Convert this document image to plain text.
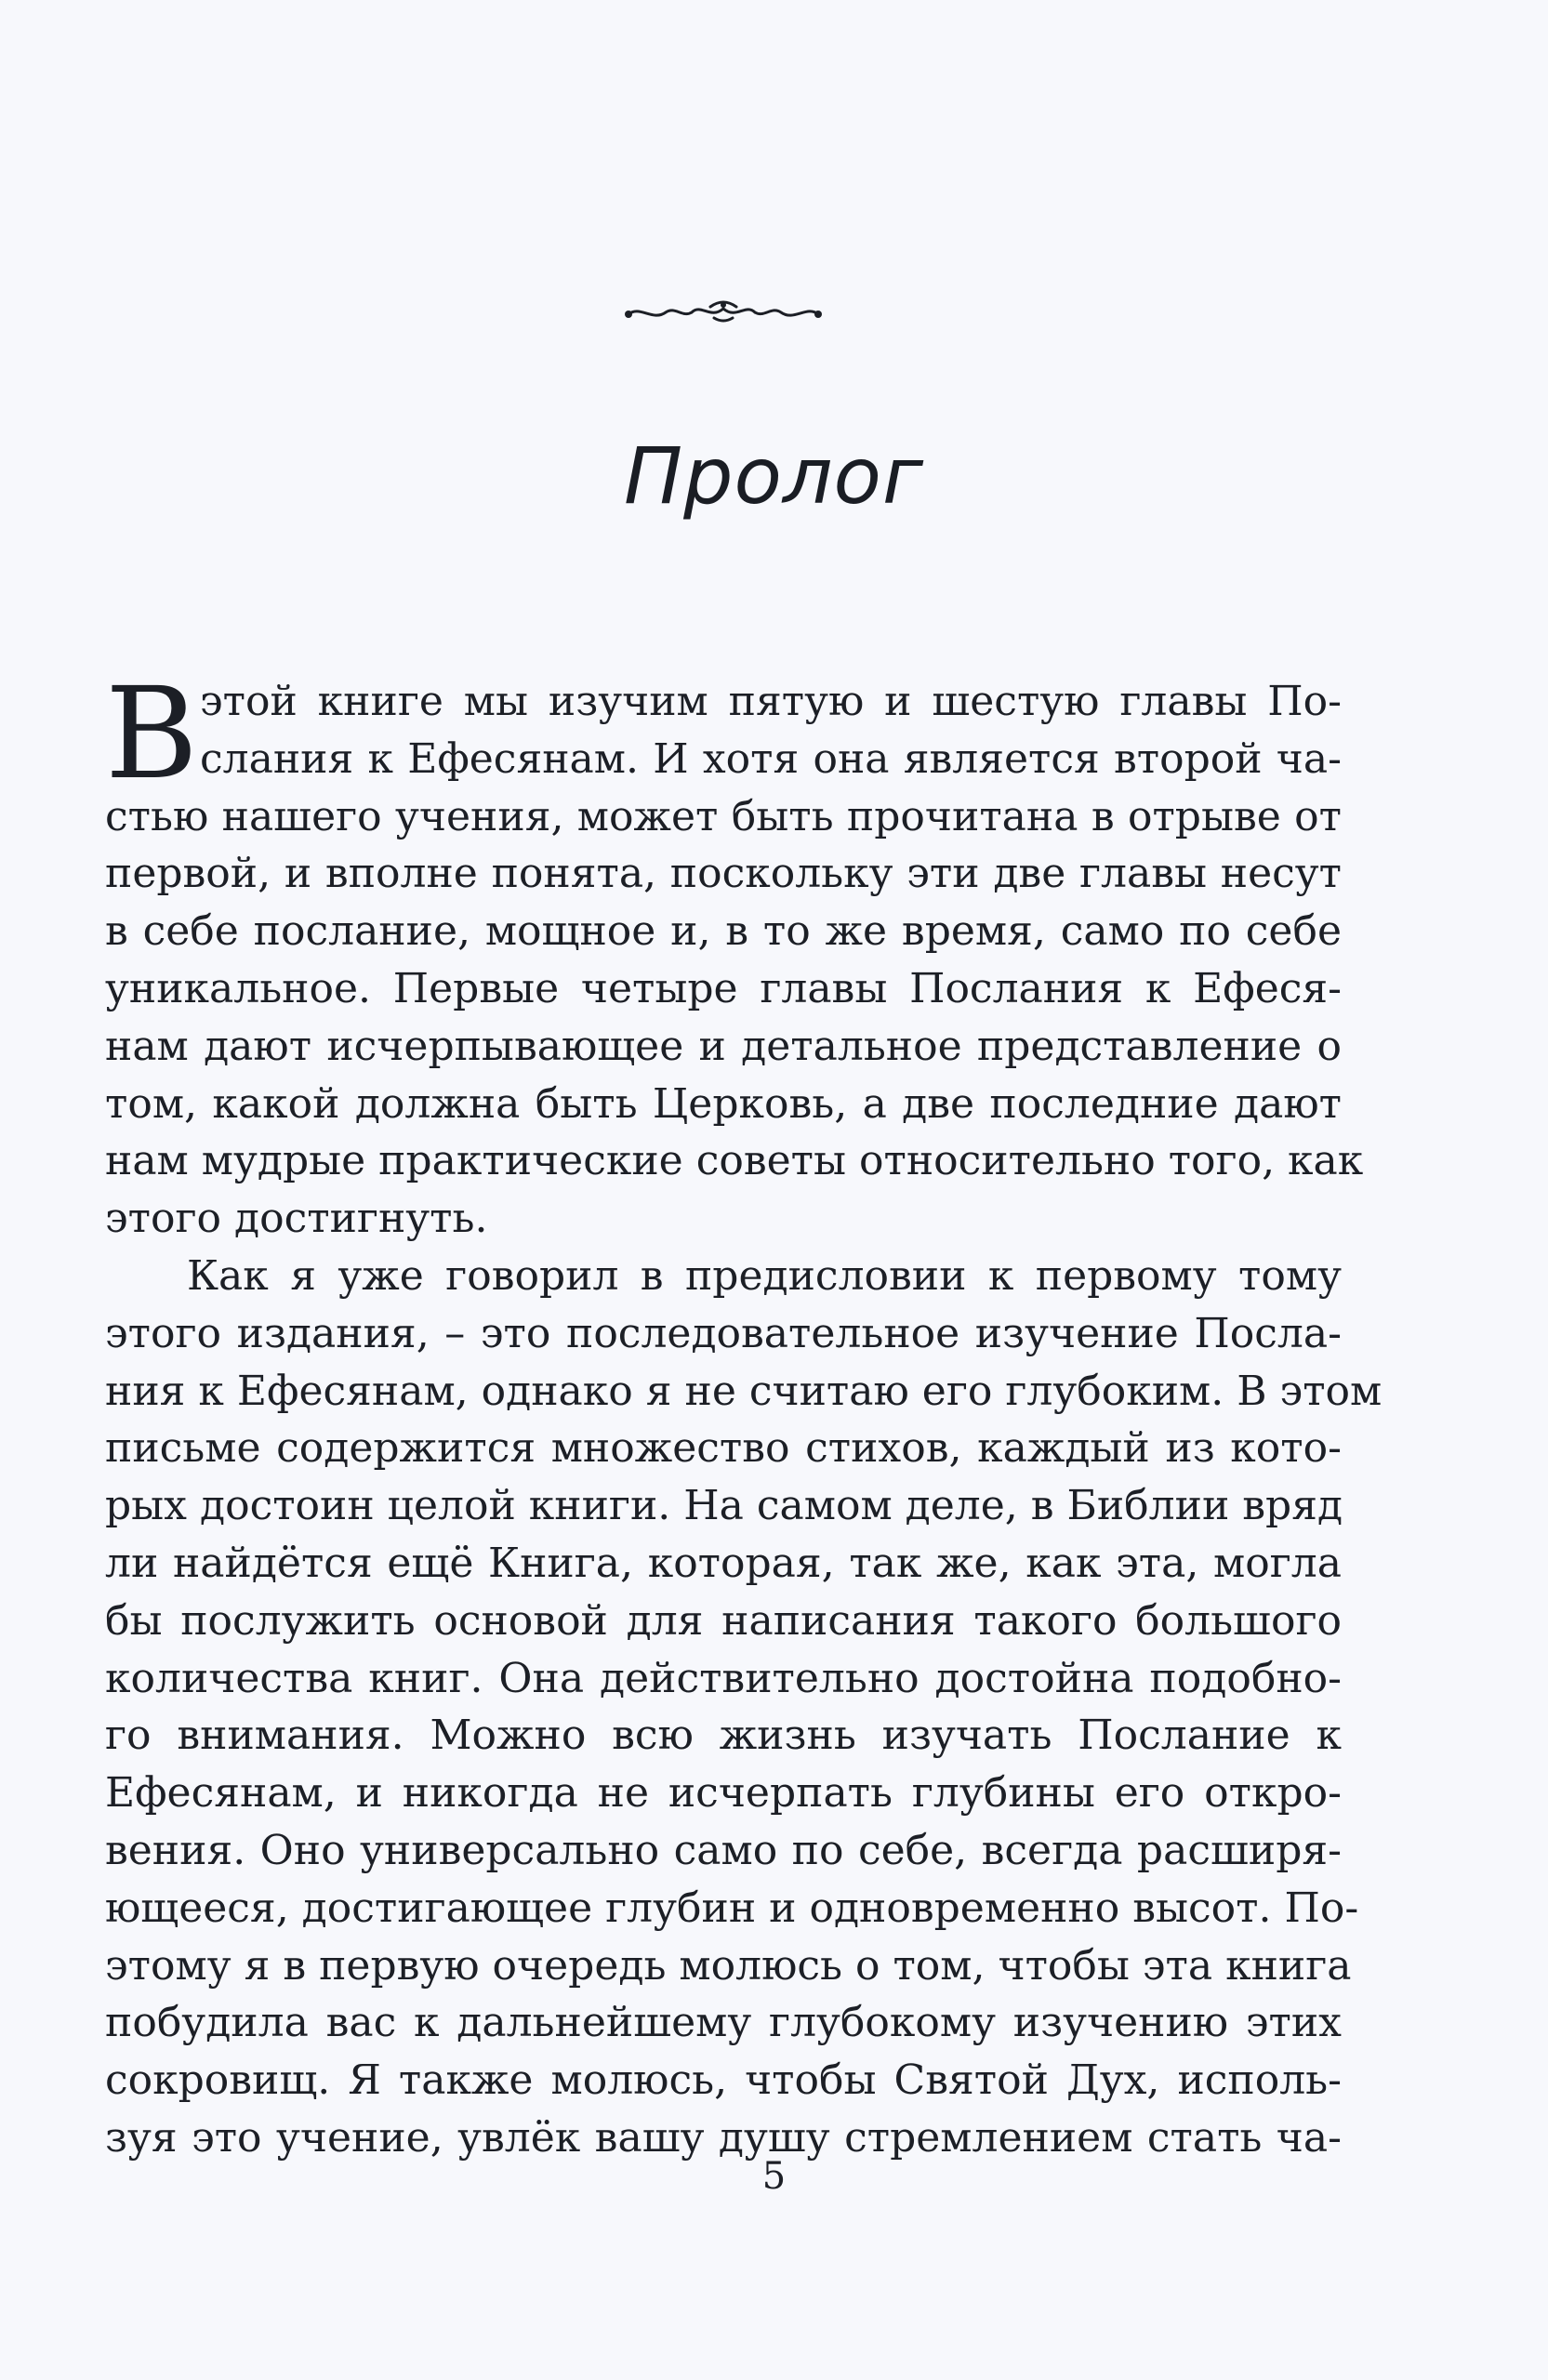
Пролог
В этой книге мы изучим пятую и шестую главы По-
слания к Ефесянам. И хотя она является второй ча-
стью нашего учения, может быть прочитана в отрыве от
первой, и вполне понята, поскольку эти две главы несут
в себе послание, мощное и, в то же время, само по себе
уникальное. Первые четыре главы Послания к Ефеся-
нам дают исчерпывающее и детальное представление о
том, какой должна быть Церковь, а две последние дают
нам мудрые практические советы относительно того, как
этого достигнуть.
Как я уже говорил в предисловии к первому тому
этого издания, – это последовательное изучение Посла-
ния к Ефесянам, однако я не считаю его глубоким. В этом
письме содержится множество стихов, каждый из кото-
рых достоин целой книги. На самом деле, в Библии вряд
ли найдётся ещё Книга, которая, так же, как эта, могла
бы послужить основой для написания такого большого
количества книг. Она действительно достойна подобно-
го внимания. Можно всю жизнь изучать Послание к
Ефесянам, и никогда не исчерпать глубины его откро-
вения. Оно универсально само по себе, всегда расширя-
ющееся, достигающее глубин и одновременно высот. По-
этому я в первую очередь молюсь о том, чтобы эта книга
побудила вас к дальнейшему глубокому изучению этих
сокровищ. Я также молюсь, чтобы Святой Дух, исполь-
зуя это учение, увлёк вашу душу стремлением стать ча-
5
